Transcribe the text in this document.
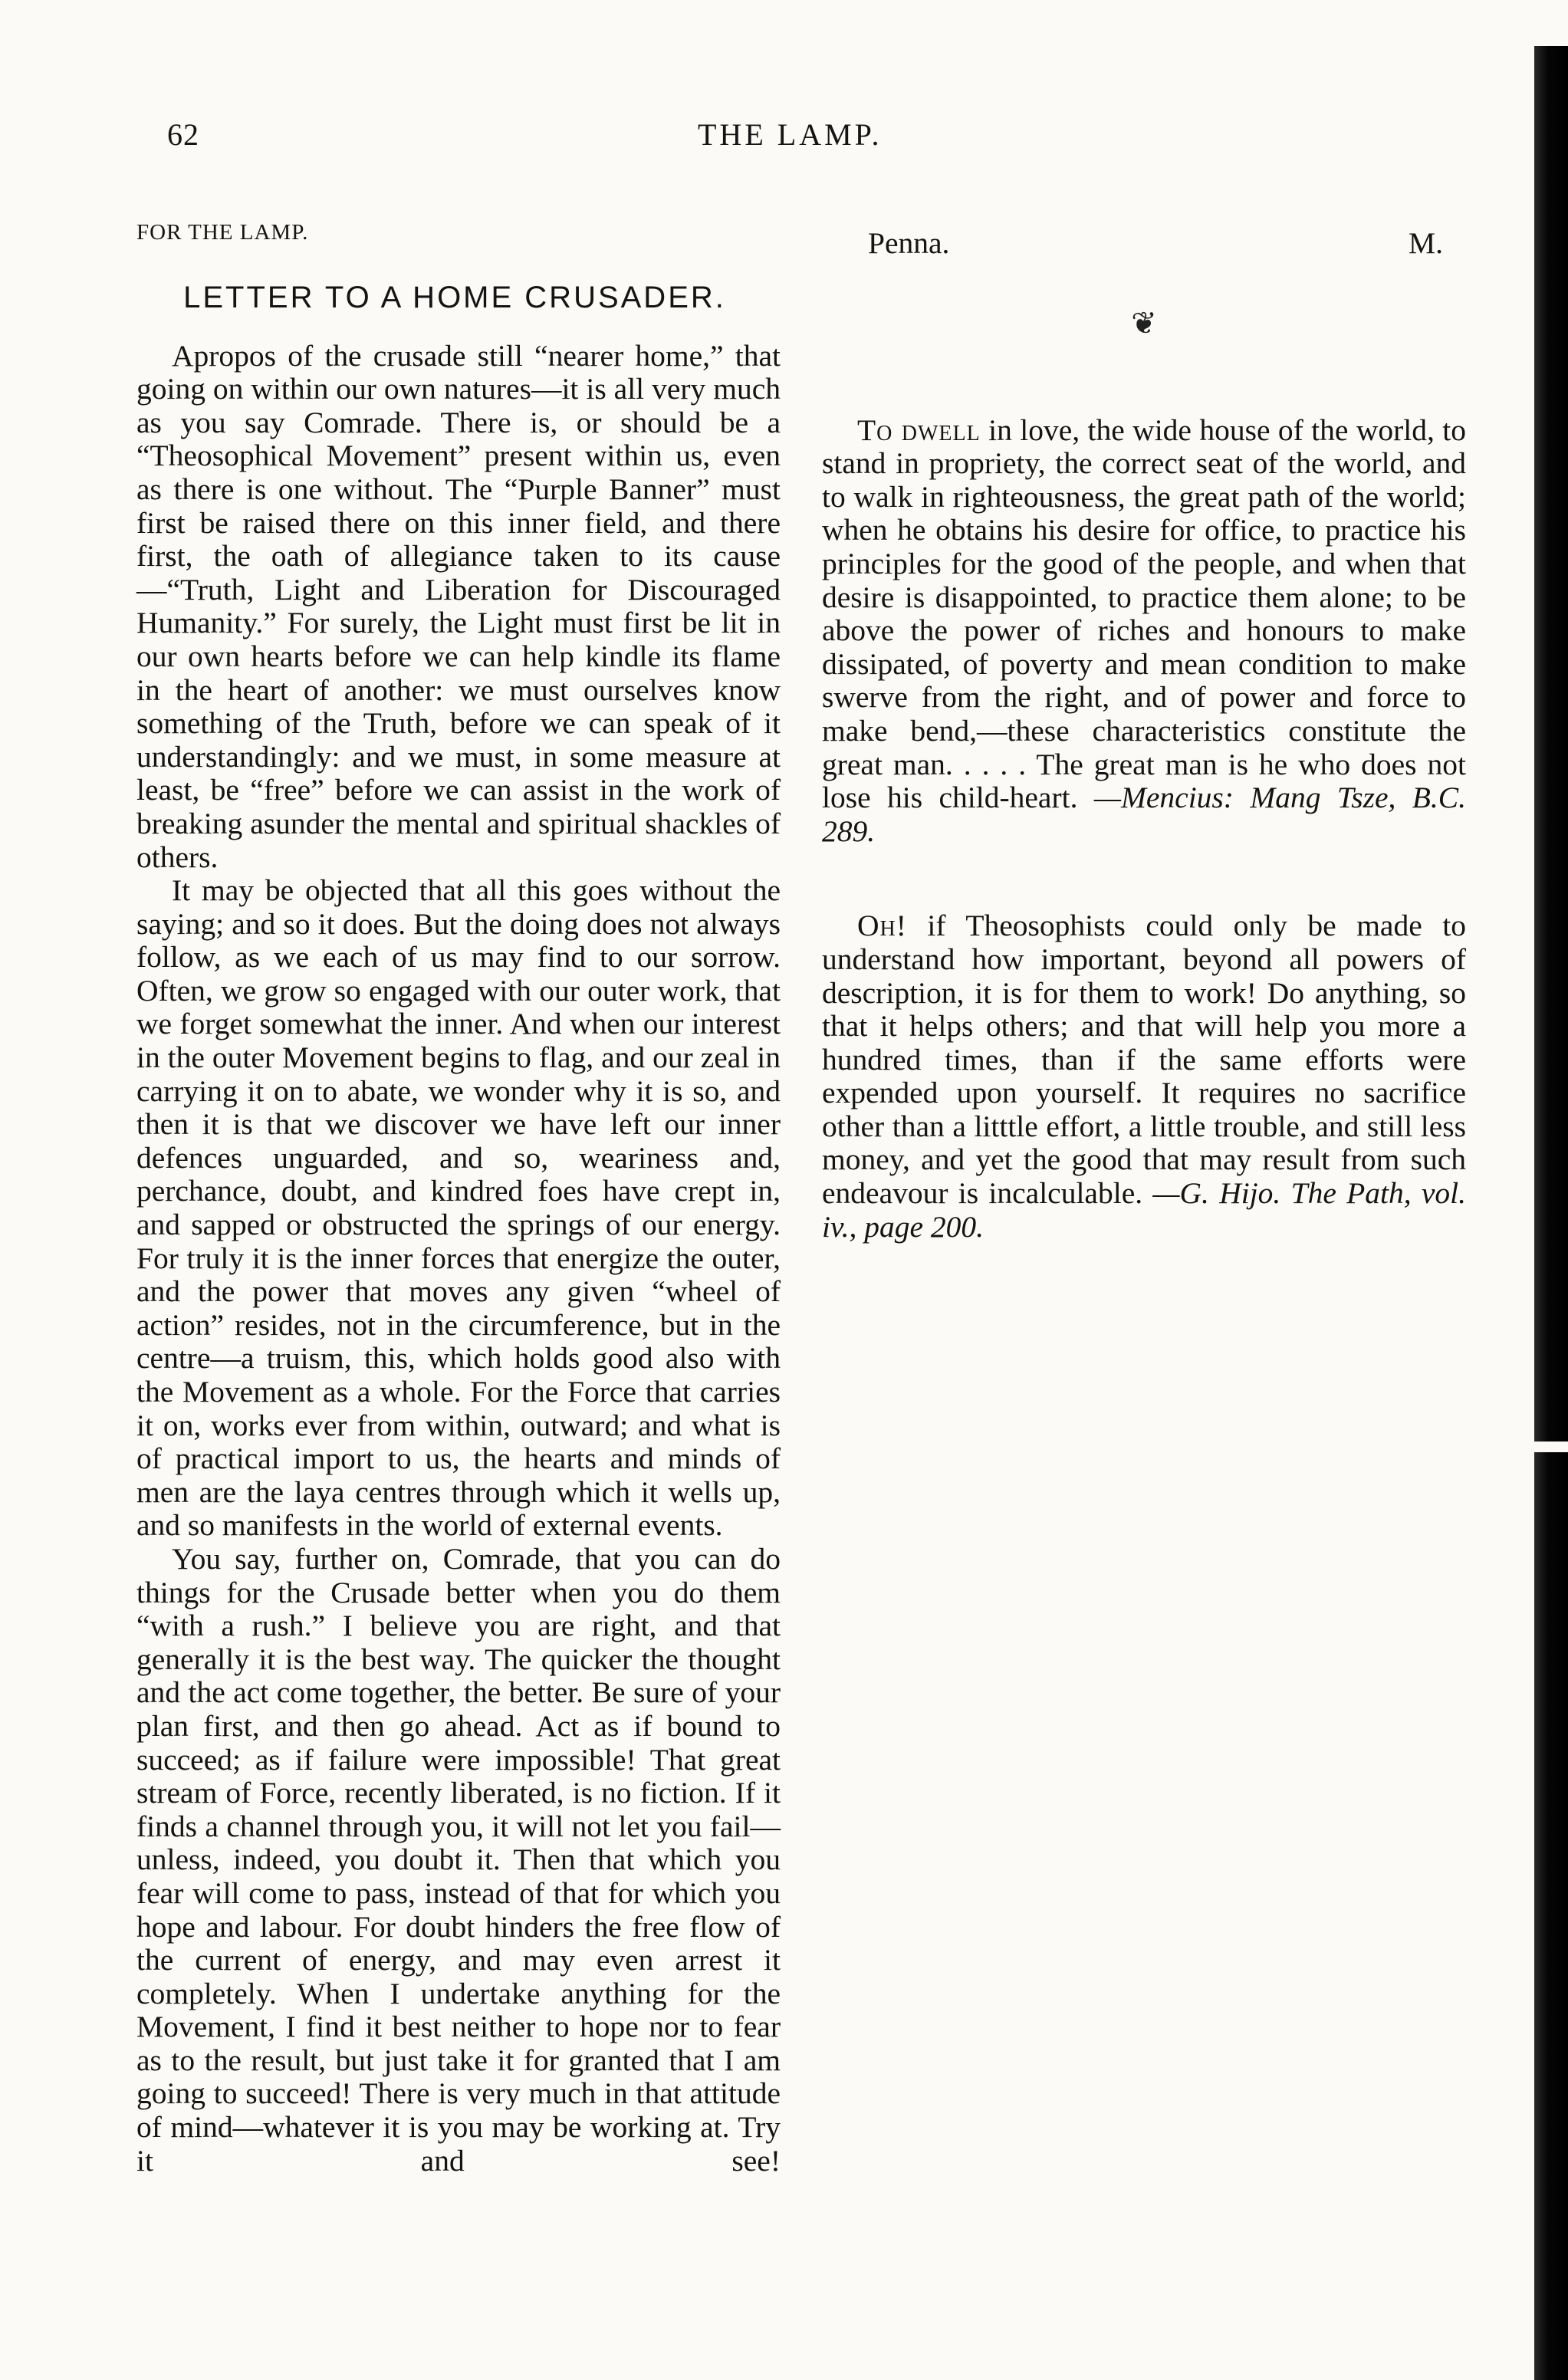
62	THE LAMP.

FOR THE LAMP.

LETTER TO A HOME CRUSADER.

Apropos of the crusade still “nearer home,” that going on within our own natures—it is all very much as you say Comrade. There is, or should be a “Theosophical Movement” present within us, even as there is one without. The “Purple Banner” must first be raised there on this inner field, and there first, the oath of allegiance taken to its cause—“Truth, Light and Liberation for Discouraged Humanity.” For surely, the Light must first be lit in our own hearts before we can help kindle its flame in the heart of another: we must ourselves know something of the Truth, before we can speak of it understandingly: and we must, in some measure at least, be “free” before we can assist in the work of breaking asunder the mental and spiritual shackles of others.

It may be objected that all this goes without the saying; and so it does. But the doing does not always follow, as we each of us may find to our sorrow. Often, we grow so engaged with our outer work, that we forget somewhat the inner. And when our interest in the outer Movement begins to flag, and our zeal in carrying it on to abate, we wonder why it is so, and then it is that we discover we have left our inner defences unguarded, and so, weariness and, perchance, doubt, and kindred foes have crept in, and sapped or obstructed the springs of our energy. For truly it is the inner forces that energize the outer, and the power that moves any given “wheel of action” resides, not in the circumference, but in the centre—a truism, this, which holds good also with the Movement as a whole. For the Force that carries it on, works ever from within, outward; and what is of practical import to us, the hearts and minds of men are the laya centres through which it wells up, and so manifests in the world of external events.

You say, further on, Comrade, that you can do things for the Crusade better when you do them “with a rush.” I believe you are right, and that generally it is the best way. The quicker the thought and the act come together, the better. Be sure of your plan first, and then go ahead. Act as if bound to succeed; as if failure were impossible! That great stream of Force, recently liberated, is no fiction. If it finds a channel through you, it will not let you fail—unless, indeed, you doubt it. Then that which you fear will come to pass, instead of that for which you hope and labour. For doubt hinders the free flow of the current of energy, and may even arrest it completely. When I undertake anything for the Movement, I find it best neither to hope nor to fear as to the result, but just take it for granted that I am going to succeed! There is very much in that attitude of mind—whatever it is you may be working at. Try it and see!

Penna.	M.
❦

To dwell in love, the wide house of the world, to stand in propriety, the correct seat of the world, and to walk in righteousness, the great path of the world; when he obtains his desire for office, to practice his principles for the good of the people, and when that desire is disappointed, to practice them alone; to be above the power of riches and honours to make dissipated, of poverty and mean condition to make swerve from the right, and of power and force to make bend,—these characteristics constitute the great man. . . . . The great man is he who does not lose his child-heart. —Mencius: Mang Tsze, B.C. 289.

Oh! if Theosophists could only be made to understand how important, beyond all powers of description, it is for them to work! Do anything, so that it helps others; and that will help you more a hundred times, than if the same efforts were expended upon yourself. It requires no sacrifice other than a litttle effort, a little trouble, and still less money, and yet the good that may result from such endeavour is incalculable. —G. Hijo. The Path, vol. iv., page 200.
